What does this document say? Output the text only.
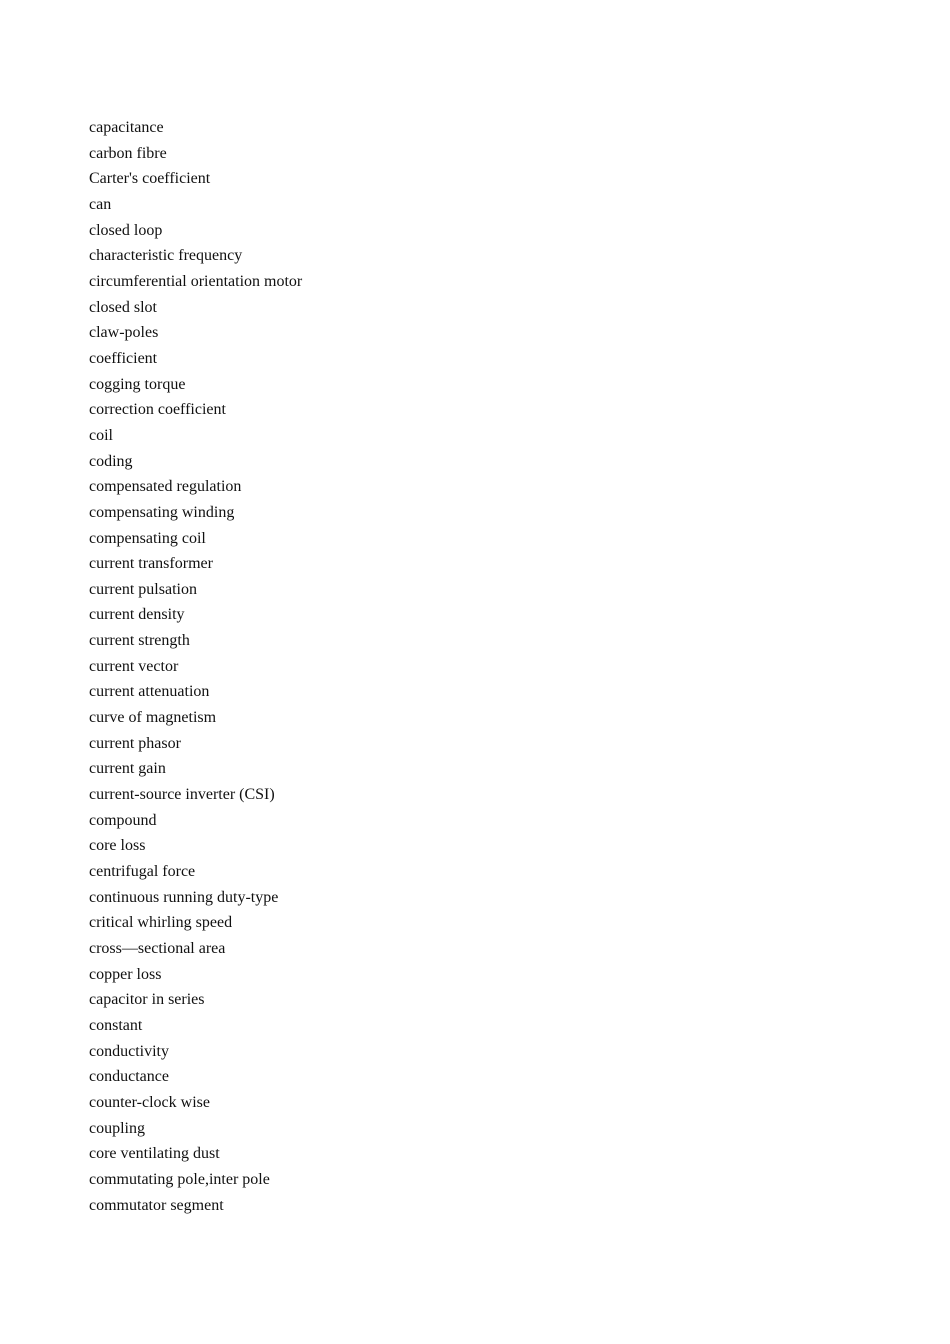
capacitance
carbon fibre
Carter's coefficient
can
closed loop
characteristic frequency
circumferential orientation motor
closed slot
claw-poles
coefficient
cogging torque
correction coefficient
coil
coding
compensated regulation
compensating winding
compensating coil
current transformer
current pulsation
current density
current strength
current vector
current attenuation
curve of magnetism
current phasor
current gain
current-source inverter (CSI)
compound
core loss
centrifugal force
continuous running duty-type
critical whirling speed
cross—sectional area
copper loss
capacitor in series
constant
conductivity
conductance
counter-clock wise
coupling
core ventilating dust
commutating pole,inter pole
commutator segment
